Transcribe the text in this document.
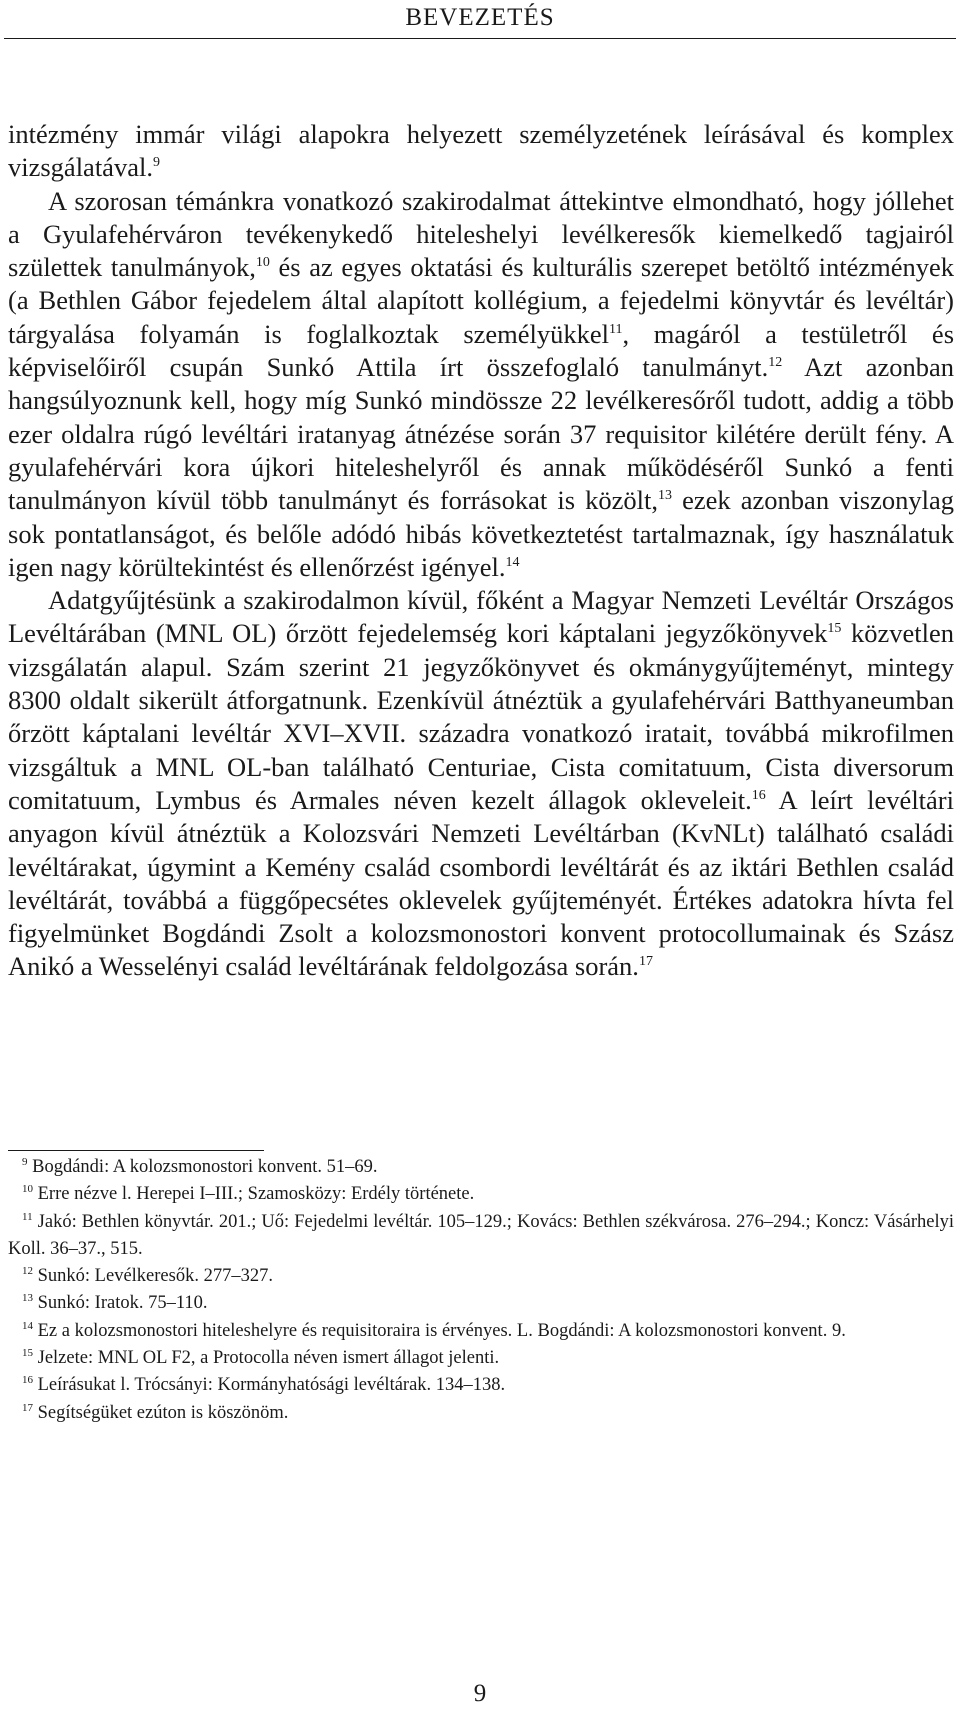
BEVEZETÉS

intézmény immár világi alapokra helyezett személyzetének leírásával és komplex vizsgálatával.$^9$

A szorosan témánkra vonatkozó szakirodalmat áttekintve elmondható, hogy jóllehet a Gyulafehérváron tevékenykedő hiteleshelyi levélkeresők kiemelkedő tagjairól születtek tanulmányok,$^{10}$ és az egyes oktatási és kulturális szerepet betöltő intézmények (a Bethlen Gábor fejedelem által alapított kollégium, a fejedelmi könyvtár és levéltár) tárgyalása folyamán is foglalkoztak személyükkel$^{11}$, magáról a testületről és képviselőiről csupán Sunkó Attila írt összefoglaló tanulmányt.$^{12}$ Azt azonban hangsúlyoznunk kell, hogy míg Sunkó mindössze 22 levélkeresőről tudott, addig a több ezer oldalra rúgó levéltári iratanyag átnézése során 37 requisitor kilétére derült fény. A gyulafehérvári kora újkori hiteleshelyről és annak működéséről Sunkó a fenti tanulmányon kívül több tanulmányt és forrásokat is közölt,$^{13}$ ezek azonban viszonylag sok pontatlanságot, és belőle adódó hibás következtetést tartalmaznak, így használatuk igen nagy körültekintést és ellenőrzést igényel.$^{14}$

Adatgyűjtésünk a szakirodalmon kívül, főként a Magyar Nemzeti Levéltár Országos Levéltárában (MNL OL) őrzött fejedelemség kori káptalani jegyzőkönyvek$^{15}$ közvetlen vizsgálatán alapul. Szám szerint 21 jegyzőkönyvet és okmánygyűjteményt, mintegy 8300 oldalt sikerült átforgatnunk. Ezenkívül átnéztük a gyulafehérvári Batthyaneumban őrzött káptalani levéltár XVI–XVII. századra vonatkozó iratait, továbbá mikrofilmen vizsgáltuk a MNL OL-ban található Centuriae, Cista comitatuum, Cista diversorum comitatuum, Lymbus és Armales néven kezelt állagok okleveleit.$^{16}$ A leírt levéltári anyagon kívül átnéztük a Kolozsvári Nemzeti Levéltárban (KvNLt) található családi levéltárakat, úgymint a Kemény család csombordi levéltárát és az iktári Bethlen család levéltárát, továbbá a függőpecsétes oklevelek gyűjteményét. Értékes adatokra hívta fel figyelmünket Bogdándi Zsolt a kolozsmonostori konvent protocollumainak és Szász Anikó a Wesselényi család levéltárának feldolgozása során.$^{17}$

$^9$ Bogdándi: A kolozsmonostori konvent. 51–69.

$^{10}$ Erre nézve l. Herepei I–III.; Szamosközy: Erdély története.

$^{11}$ Jakó: Bethlen könyvtár. 201.; Uő: Fejedelmi levéltár. 105–129.; Kovács: Bethlen székvárosa. 276–294.; Koncz: Vásárhelyi Koll. 36–37., 515.

$^{12}$ Sunkó: Levélkeresők. 277–327.

$^{13}$ Sunkó: Iratok. 75–110.

$^{14}$ Ez a kolozsmonostori hiteleshelyre és requisitoraira is érvényes. L. Bogdándi: A kolozsmonostori konvent. 9.

$^{15}$ Jelzete: MNL OL F2, a Protocolla néven ismert állagot jelenti.

$^{16}$ Leírásukat l. Trócsányi: Kormányhatósági levéltárak. 134–138.

$^{17}$ Segítségüket ezúton is köszönöm.

9
